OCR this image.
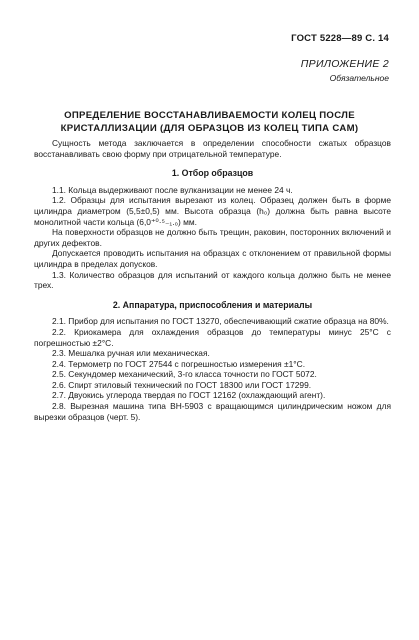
ГОСТ 5228—89 С. 14
ПРИЛОЖЕНИЕ 2
Обязательное
ОПРЕДЕЛЕНИЕ ВОССТАНАВЛИВАЕМОСТИ КОЛЕЦ ПОСЛЕ
КРИСТАЛЛИЗАЦИИ (ДЛЯ ОБРАЗЦОВ ИЗ КОЛЕЦ ТИПА САМ)

Сущность метода заключается в определении способности сжатых образцов восстанавливать свою форму при отрицательной температуре.

1. Отбор образцов

1.1. Кольца выдерживают после вулканизации не менее 24 ч.

1.2. Образцы для испытания вырезают из колец. Образец должен быть в форме цилиндра диаметром (5,5±0,5) мм. Высота образца (h₀) должна быть равна высоте монолитной части кольца (6,0⁺⁰·⁵₋₁.₀) мм.

На поверхности образцов не должно быть трещин, раковин, посторонних включений и других дефектов.

Допускается проводить испытания на образцах с отклонением от правильной формы цилиндра в пределах допусков.

1.3. Количество образцов для испытаний от каждого кольца должно быть не менее трех.

2. Аппаратура, приспособления и материалы

2.1. Прибор для испытания по ГОСТ 13270, обеспечивающий сжатие образца на 80%.

2.2. Криокамера для охлаждения образцов до температуры минус 25°С с погрешностью ±2°С.

2.3. Мешалка ручная или механическая.

2.4. Термометр по ГОСТ 27544 с погрешностью измерения ±1°С.

2.5. Секундомер механический, 3-го класса точности по ГОСТ 5072.

2.6. Спирт этиловый технический по ГОСТ 18300 или ГОСТ 17299.

2.7. Двуокись углерода твердая по ГОСТ 12162 (охлаждающий агент).

2.8. Вырезная машина типа ВН-5903 с вращающимся цилиндрическим ножом для вырезки образцов (черт. 5).
